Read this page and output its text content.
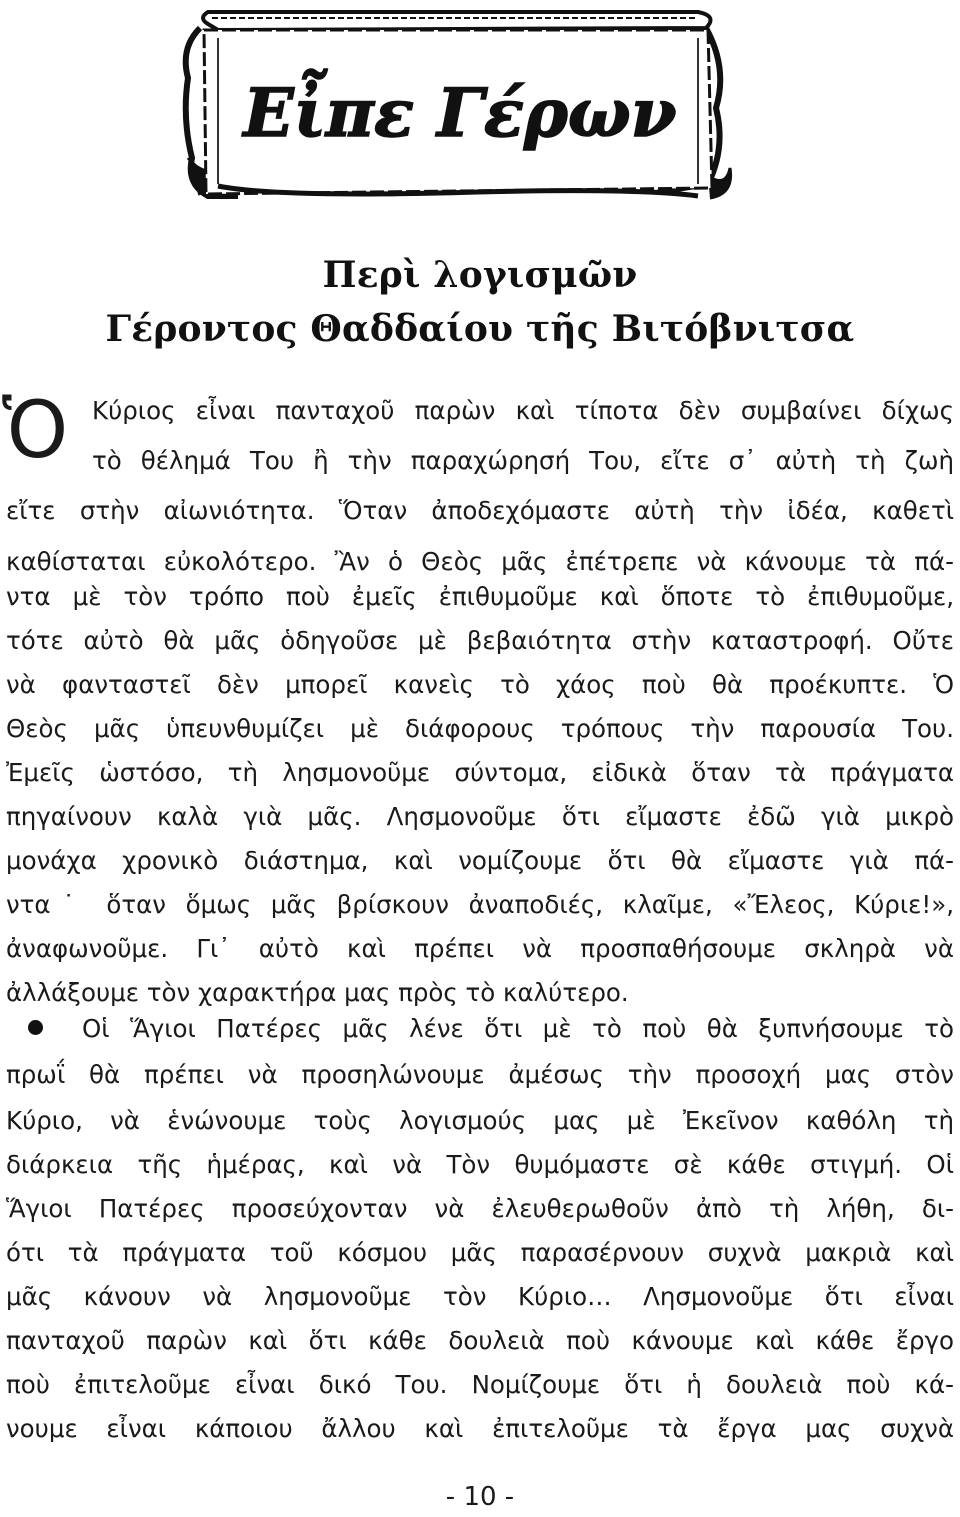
Εἶπε Γέρων
Περὶ λογισμῶν
Γέροντος Θαδδαίου τῆς Βιτόβνιτσα
Ὁ Κύριος εἶναι πανταχοῦ παρὼν καὶ τίποτα δὲν συμβαίνει δίχως
τὸ θέλημά Του ἢ τὴν παραχώρησή Του, εἴτε σ᾽ αὐτὴ τὴ ζωὴ
εἴτε στὴν αἰωνιότητα. Ὅταν ἀποδεχόμαστε αὐτὴ τὴν ἰδέα, καθετὶ
καθίσταται εὐκολότερο. Ἂν ὁ Θεὸς μᾶς ἐπέτρεπε νὰ κάνουμε τὰ πά-
ντα μὲ τὸν τρόπο ποὺ ἐμεῖς ἐπιθυμοῦμε καὶ ὅποτε τὸ ἐπιθυμοῦμε,
τότε αὐτὸ θὰ μᾶς ὁδηγοῦσε μὲ βεβαιότητα στὴν καταστροφή. Οὔτε
νὰ φανταστεῖ δὲν μπορεῖ κανεὶς τὸ χάος ποὺ θὰ προέκυπτε. Ὁ
Θεὸς μᾶς ὑπευνθυμίζει μὲ διάφορους τρόπους τὴν παρουσία Του.
Ἐμεῖς ὡστόσο, τὴ λησμονοῦμε σύντομα, εἰδικὰ ὅταν τὰ πράγματα
πηγαίνουν καλὰ γιὰ μᾶς. Λησμονοῦμε ὅτι εἴμαστε ἐδῶ γιὰ μικρὸ
μονάχα χρονικὸ διάστημα, καὶ νομίζουμε ὅτι θὰ εἴμαστε γιὰ πά-
ντα˙ ὅταν ὅμως μᾶς βρίσκουν ἀναποδιές, κλαῖμε, «Ἔλεος, Κύριε!»,
ἀναφωνοῦμε. Γι᾽ αὐτὸ καὶ πρέπει νὰ προσπαθήσουμε σκληρὰ νὰ
ἀλλάξουμε τὸν χαρακτήρα μας πρὸς τὸ καλύτερο.
Οἱ Ἅγιοι Πατέρες μᾶς λένε ὅτι μὲ τὸ ποὺ θὰ ξυπνήσουμε τὸ
πρωΐ θὰ πρέπει νὰ προσηλώνουμε ἀμέσως τὴν προσοχή μας στὸν
Κύριο, νὰ ἑνώνουμε τοὺς λογισμούς μας μὲ Ἐκεῖνον καθόλη τὴ
διάρκεια τῆς ἡμέρας, καὶ νὰ Τὸν θυμόμαστε σὲ κάθε στιγμή. Οἱ
Ἅγιοι Πατέρες προσεύχονταν νὰ ἐλευθερωθοῦν ἀπὸ τὴ λήθη, δι-
ότι τὰ πράγματα τοῦ κόσμου μᾶς παρασέρνουν συχνὰ μακριὰ καὶ
μᾶς κάνουν νὰ λησμονοῦμε τὸν Κύριο… Λησμονοῦμε ὅτι εἶναι
πανταχοῦ παρὼν καὶ ὅτι κάθε δουλειὰ ποὺ κάνουμε καὶ κάθε ἔργο
ποὺ ἐπιτελοῦμε εἶναι δικό Του. Νομίζουμε ὅτι ἡ δουλειὰ ποὺ κά-
νουμε εἶναι κάποιου ἄλλου καὶ ἐπιτελοῦμε τὰ ἔργα μας συχνὰ
- 10 -
